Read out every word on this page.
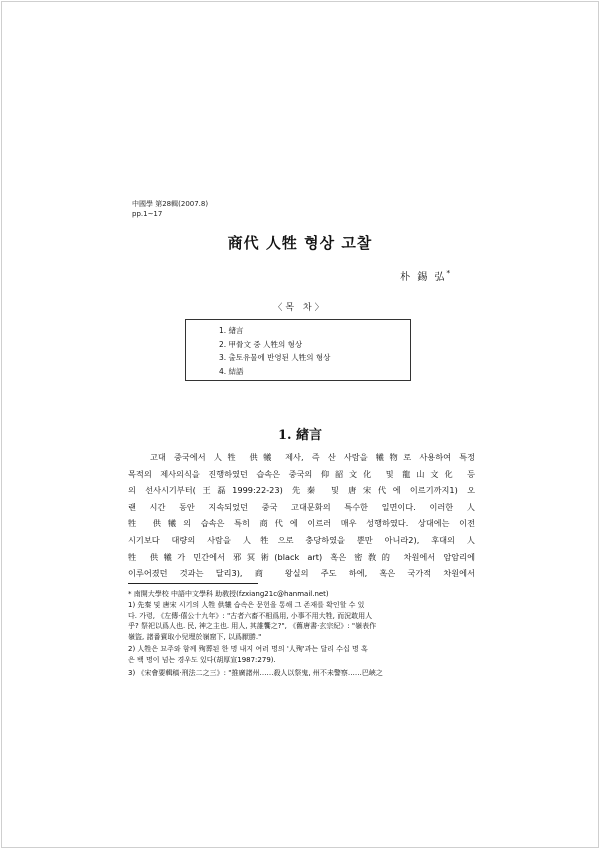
中國學 第28輯(2007.8)
pp.1~17
商代 人牲 형상 고찰
朴 錫 弘*
〈목 차〉
1. 緖言
2. 甲骨文 중 人牲의 형상
3. 출토유물에 반영된 人牲의 형상
4. 結語
1. 緖言
고대 중국에서 人牲 供犧 제사, 즉 산 사람을 犧物로 사용하여 특정
목적의 제사의식을 진행하였던 습속은 중국의 仰韶文化 및 龍山文化 등
의 선사시기부터(王磊1999:22-23) 先秦 및 唐宋代에 이르기까지1) 오
랜 시간 동안 지속되었던 중국 고대문화의 특수한 일면이다. 이러한 人
牲 供犧의 습속은 특히 商代에 이르러 매우 성행하였다. 상대에는 이전
시기보다 대량의 사람을 人牲으로 충당하였을 뿐만 아니라2), 후대의 人
牲 供犧가 민간에서 邪冥術(black art) 혹은 密敎的 차원에서 암암리에
이루어졌던 것과는 달리3), 商 왕실의 주도 하에, 혹은 국가적 차원에서
* 南開大學校 中語中文學科 助敎授(fzxiang21c@hanmail.net)
1) 先秦 및 唐宋 시기의 人牲 供犧 습속은 문헌을 통해 그 존재를 확인할 수 있
다. 가령, 《左傳·僖公十九年》: "古者六畜不相爲用, 小事不用大牲, 而況敢用人
乎? 祭祀以爲人也. 民, 神之主也. 用人, 其誰饗之?", 《舊唐書·玄宗紀》: "嶺表作
嶺盜, 諸番賓取小兒埋於嶺窟下, 以爲厭勝."
2) 人牲은 묘주와 함께 殉葬된 한 명 내지 여러 명의 '人殉'과는 달리 수십 명 혹
은 백 명이 넘는 경우도 있다(胡厚宣1987:279).
3) 《宋會要輯稿·刑法二之三》: "推廣諸州……殺人以祭鬼, 州不未警察……巴峽之
